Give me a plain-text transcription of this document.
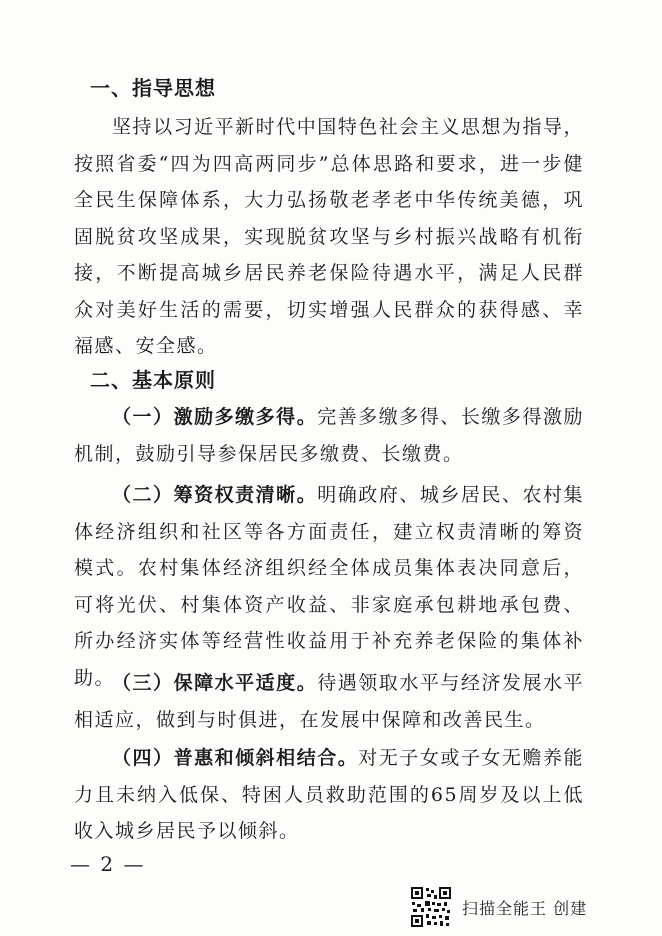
一、指导思想
坚持以习近平新时代中国特色社会主义思想为指导，按照省委“四为四高两同步”总体思路和要求，进一步健全民生保障体系，大力弘扬敬老孝老中华传统美德，巩固脱贫攻坚成果，实现脱贫攻坚与乡村振兴战略有机衔接，不断提高城乡居民养老保险待遇水平，满足人民群众对美好生活的需要，切实增强人民群众的获得感、幸福感、安全感。
二、基本原则
（一）激励多缴多得。完善多缴多得、长缴多得激励机制，鼓励引导参保居民多缴费、长缴费。
（二）筹资权责清晰。明确政府、城乡居民、农村集体经济组织和社区等各方面责任，建立权责清晰的筹资模式。农村集体经济组织经全体成员集体表决同意后，可将光伏、村集体资产收益、非家庭承包耕地承包费、所办经济实体等经营性收益用于补充养老保险的集体补助。
（三）保障水平适度。待遇领取水平与经济发展水平相适应，做到与时俱进，在发展中保障和改善民生。
（四）普惠和倾斜相结合。对无子女或子女无赡养能力且未纳入低保、特困人员救助范围的65周岁及以上低收入城乡居民予以倾斜。
— 2 —
扫描全能王 创建
